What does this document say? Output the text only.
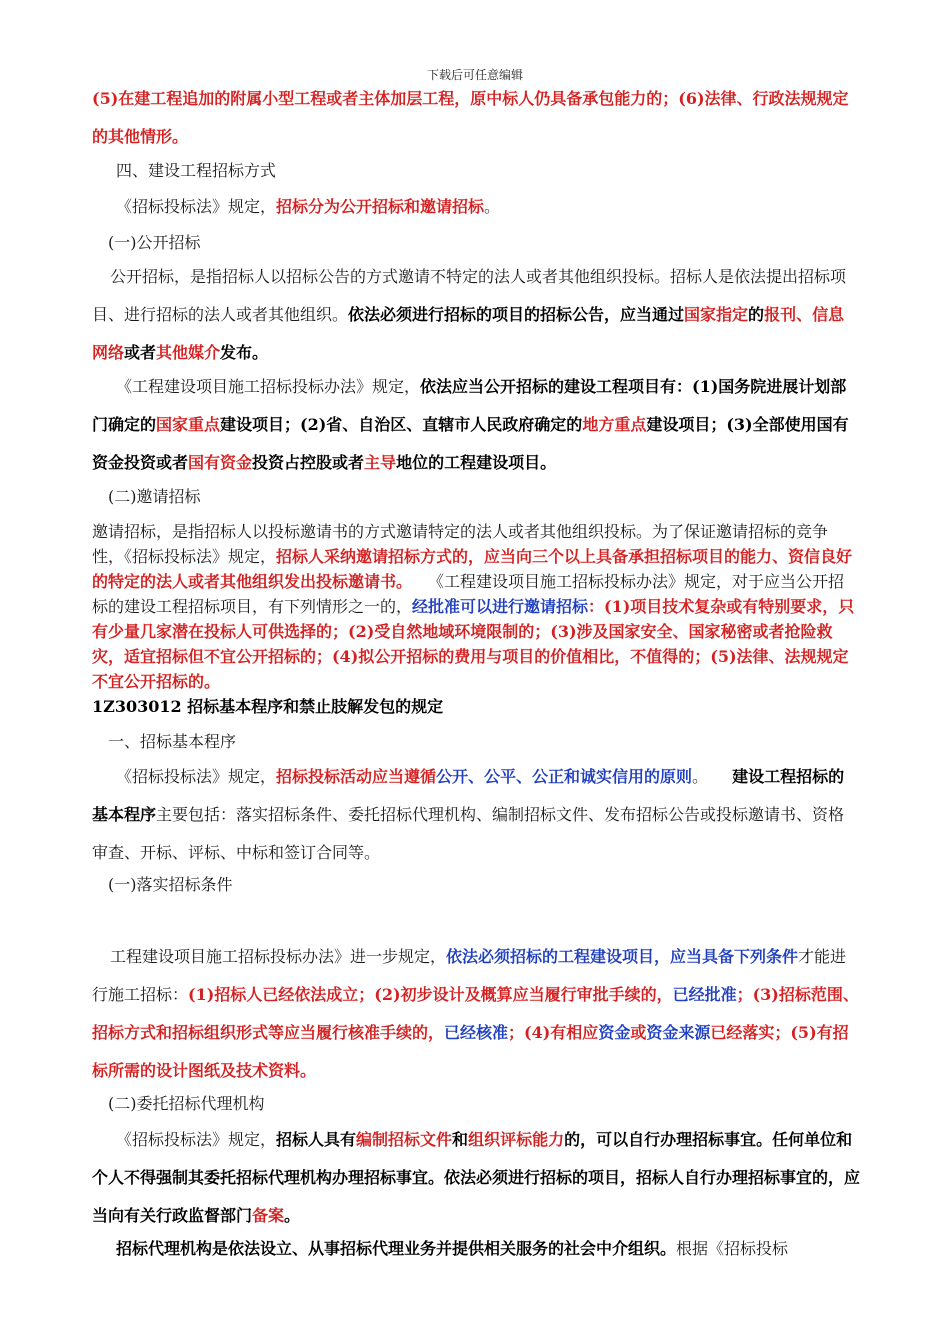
下载后可任意编辑
(5)在建工程追加的附属小型工程或者主体加层工程，原中标人仍具备承包能力的；(6)法律、行政法规规定的其他情形。
四、建设工程招标方式
《招标投标法》规定，招标分为公开招标和邀请招标。
(一)公开招标
公开招标，是指招标人以招标公告的方式邀请不特定的法人或者其他组织投标。招标人是依法提出招标项目、进行招标的法人或者其他组织。依法必须进行招标的项目的招标公告，应当通过国家指定的报刊、信息网络或者其他媒介发布。
《工程建设项目施工招标投标办法》规定，依法应当公开招标的建设工程项目有：(1)国务院进展计划部门确定的国家重点建设项目；(2)省、自治区、直辖市人民政府确定的地方重点建设项目；(3)全部使用国有资金投资或者国有资金投资占控股或者主导地位的工程建设项目。
(二)邀请招标
邀请招标，是指招标人以投标邀请书的方式邀请特定的法人或者其他组织投标。为了保证邀请招标的竞争性，《招标投标法》规定，招标人采纳邀请招标方式的，应当向三个以上具备承担招标项目的能力、资信良好的特定的法人或者其他组织发出投标邀请书。　　《工程建设项目施工招标投标办法》规定，对于应当公开招标的建设工程招标项目，有下列情形之一的，经批准可以进行邀请招标：(1)项目技术复杂或有特别要求，只有少量几家潜在投标人可供选择的；(2)受自然地域环境限制的；(3)涉及国家安全、国家秘密或者抢险救灾，适宜招标但不宜公开招标的；(4)拟公开招标的费用与项目的价值相比，不值得的；(5)法律、法规规定不宜公开招标的。
1Z303012 招标基本程序和禁止肢解发包的规定
一、招标基本程序
《招标投标法》规定，招标投标活动应当遵循公开、公平、公正和诚实信用的原则。　　建设工程招标的基本程序主要包括：落实招标条件、委托招标代理机构、编制招标文件、发布招标公告或投标邀请书、资格审查、开标、评标、中标和签订合同等。
(一)落实招标条件
工程建设项目施工招标投标办法》进一步规定，依法必须招标的工程建设项目，应当具备下列条件才能进行施工招标：(1)招标人已经依法成立；(2)初步设计及概算应当履行审批手续的，已经批准；(3)招标范围、招标方式和招标组织形式等应当履行核准手续的，已经核准；(4)有相应资金或资金来源已经落实；(5)有招标所需的设计图纸及技术资料。
(二)委托招标代理机构
《招标投标法》规定，招标人具有编制招标文件和组织评标能力的，可以自行办理招标事宜。任何单位和个人不得强制其委托招标代理机构办理招标事宜。依法必须进行招标的项目，招标人自行办理招标事宜的，应当向有关行政监督部门备案。
招标代理机构是依法设立、从事招标代理业务并提供相关服务的社会中介组织。根据《招标投标
